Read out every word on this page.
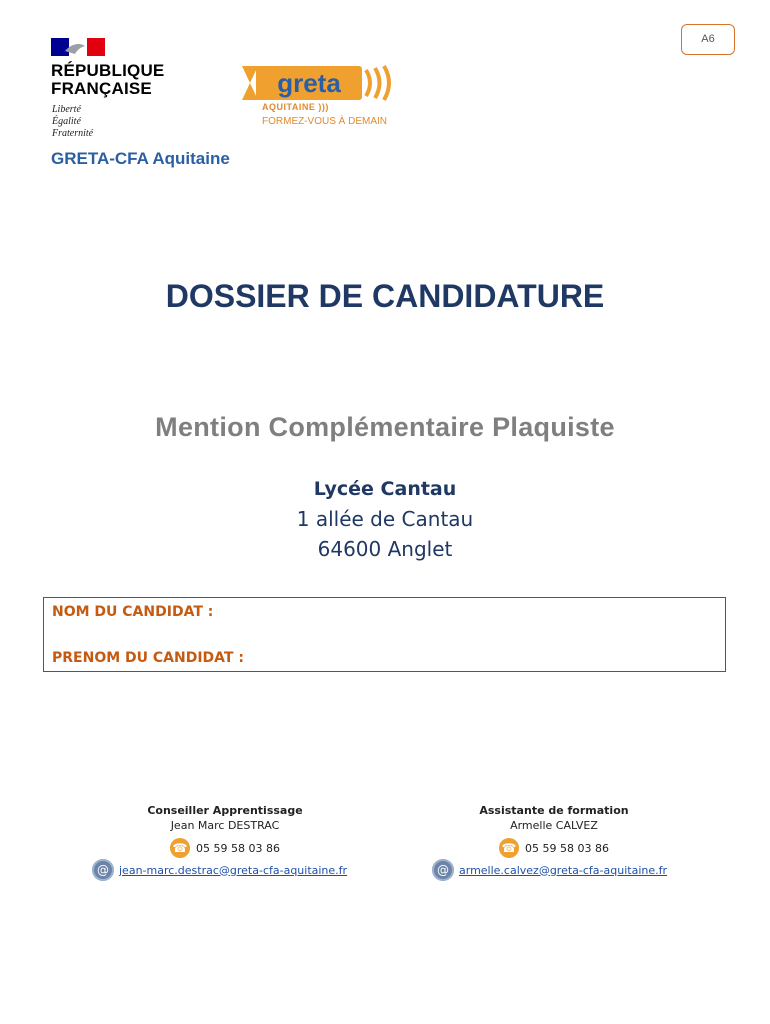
RÉPUBLIQUE
FRANÇAISE
Liberté
Égalité
Fraternité
greta
AQUITAINE )))
FORMEZ-VOUS À DEMAIN
GRETA-CFA Aquitaine
A6
DOSSIER DE CANDIDATURE
Mention Complémentaire Plaquiste
Lycée Cantau
1 allée de Cantau
64600 Anglet
NOM DU CANDIDAT :
PRENOM DU CANDIDAT :
Conseiller Apprentissage
Jean Marc DESTRAC
☎
05 59 58 03 86
@ jean-marc.destrac@greta-cfa-aquitaine.fr
Assistante de formation
Armelle CALVEZ
☎
05 59 58 03 86
@ armelle.calvez@greta-cfa-aquitaine.fr
